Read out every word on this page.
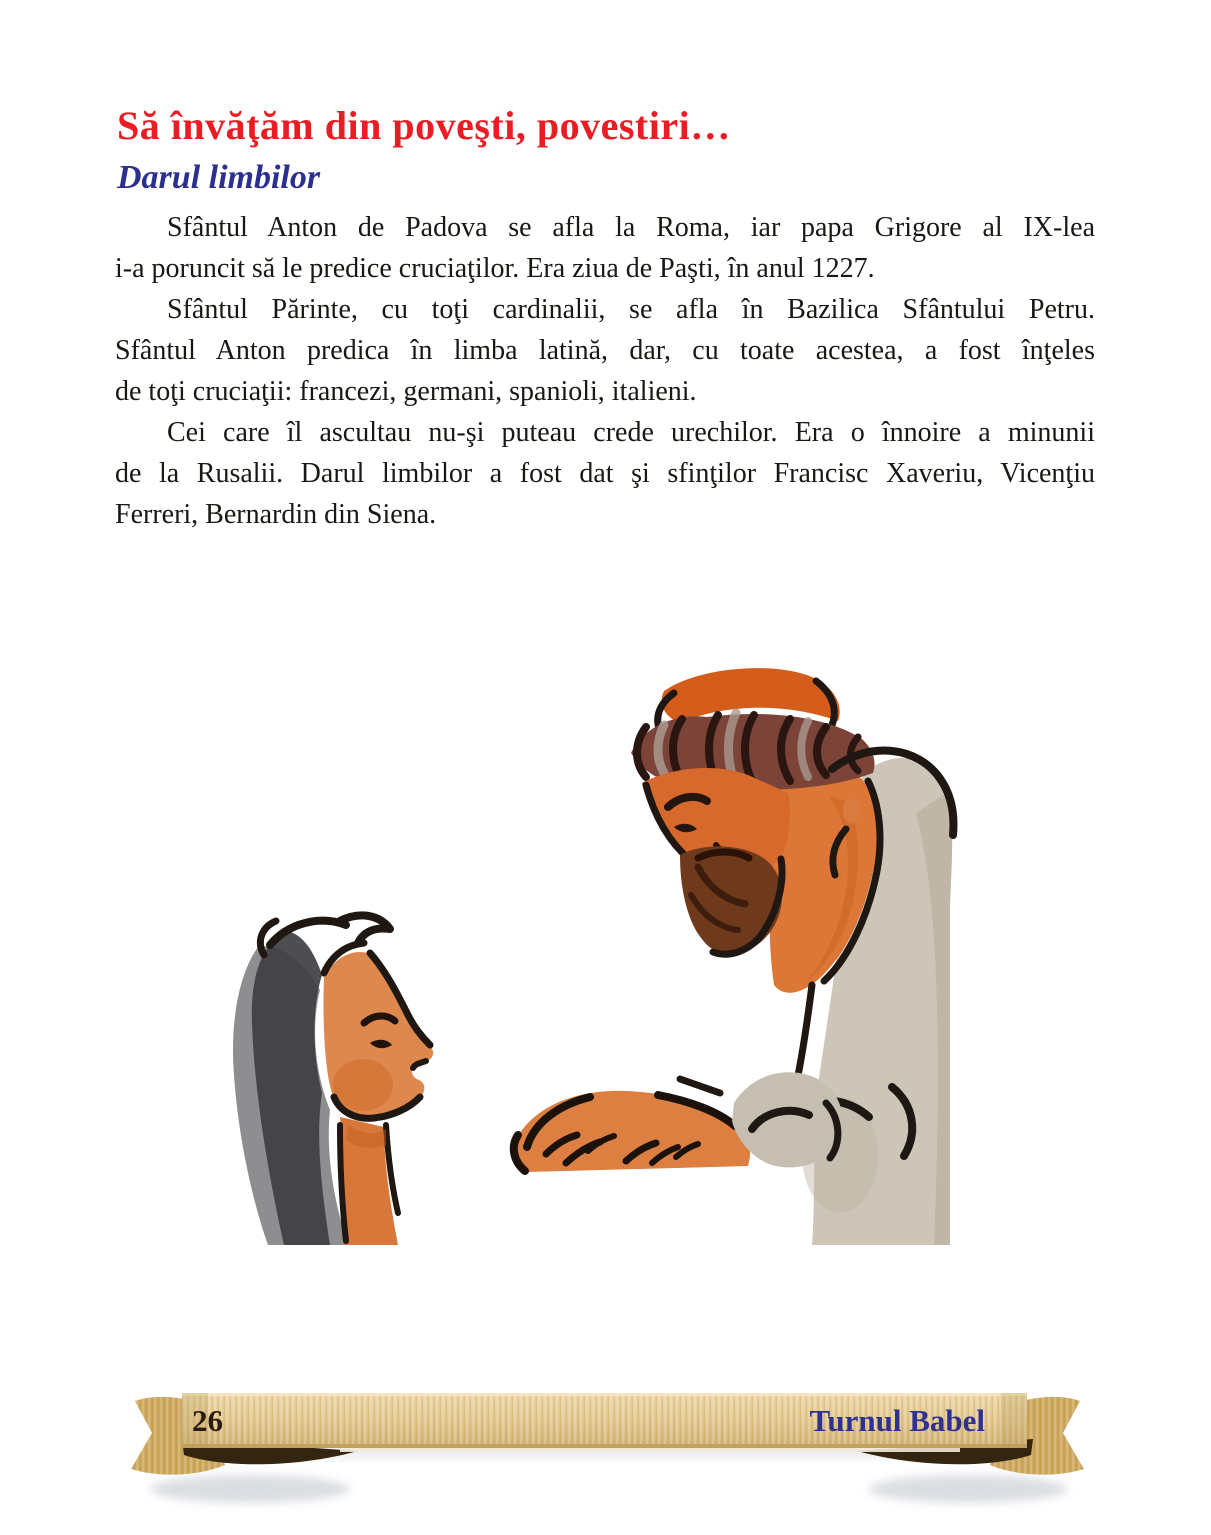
Să învăţăm din poveşti, povestiri…
Darul limbilor
Sfântul Anton de Padova se afla la Roma, iar papa Grigore al IX-lea
i-a poruncit să le predice cruciaţilor. Era ziua de Paşti, în anul 1227.
Sfântul Părinte, cu toţi cardinalii, se afla în Bazilica Sfântului Petru.
Sfântul Anton predica în limba latină, dar, cu toate acestea, a fost înţeles
de toţi cruciaţii: francezi, germani, spanioli, italieni.
Cei care îl ascultau nu-şi puteau crede urechilor. Era o înnoire a minunii
de la Rusalii. Darul limbilor a fost dat şi sfinţilor Francisc Xaveriu, Vicenţiu
Ferreri, Bernardin din Siena.
26	Turnul Babel
